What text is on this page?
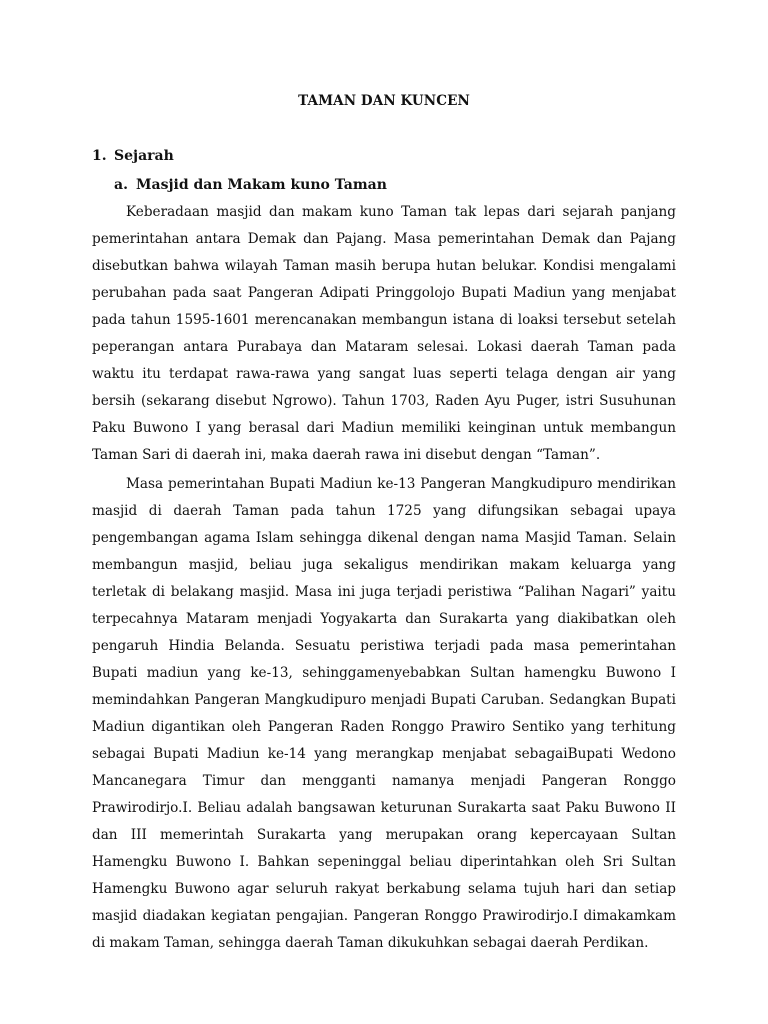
TAMAN DAN KUNCEN
1. Sejarah
a. Masjid dan Makam kuno Taman

Keberadaan masjid dan makam kuno Taman tak lepas dari sejarah panjang pemerintahan antara Demak dan Pajang. Masa pemerintahan Demak dan Pajang disebutkan bahwa wilayah Taman masih berupa hutan belukar. Kondisi mengalami perubahan pada saat Pangeran Adipati Pringgolojo Bupati Madiun yang menjabat pada tahun 1595-1601 merencanakan membangun istana di loaksi tersebut setelah peperangan antara Purabaya dan Mataram selesai. Lokasi daerah Taman pada waktu itu terdapat rawa-rawa yang sangat luas seperti telaga dengan air yang bersih (sekarang disebut Ngrowo). Tahun 1703, Raden Ayu Puger, istri Susuhunan Paku Buwono I yang berasal dari Madiun memiliki keinginan untuk membangun Taman Sari di daerah ini, maka daerah rawa ini disebut dengan “Taman”.

Masa pemerintahan Bupati Madiun ke-13 Pangeran Mangkudipuro mendirikan masjid di daerah Taman pada tahun 1725 yang difungsikan sebagai upaya pengembangan agama Islam sehingga dikenal dengan nama Masjid Taman. Selain membangun masjid, beliau juga sekaligus mendirikan makam keluarga yang terletak di belakang masjid. Masa ini juga terjadi peristiwa “Palihan Nagari” yaitu terpecahnya Mataram menjadi Yogyakarta dan Surakarta yang diakibatkan oleh pengaruh Hindia Belanda. Sesuatu peristiwa terjadi pada masa pemerintahan Bupati madiun yang ke-13, sehinggamenyebabkan Sultan hamengku Buwono I memindahkan Pangeran Mangkudipuro menjadi Bupati Caruban. Sedangkan Bupati Madiun digantikan oleh Pangeran Raden Ronggo Prawiro Sentiko yang terhitung sebagai Bupati Madiun ke-14 yang merangkap menjabat sebagaiBupati Wedono Mancanegara Timur dan mengganti namanya menjadi Pangeran Ronggo Prawirodirjo.I. Beliau adalah bangsawan keturunan Surakarta saat Paku Buwono II dan III memerintah Surakarta yang merupakan orang kepercayaan Sultan Hamengku Buwono I. Bahkan sepeninggal beliau diperintahkan oleh Sri Sultan Hamengku Buwono agar seluruh rakyat berkabung selama tujuh hari dan setiap masjid diadakan kegiatan pengajian. Pangeran Ronggo Prawirodirjo.I dimakamkam di makam Taman, sehingga daerah Taman dikukuhkan sebagai daerah Perdikan.
